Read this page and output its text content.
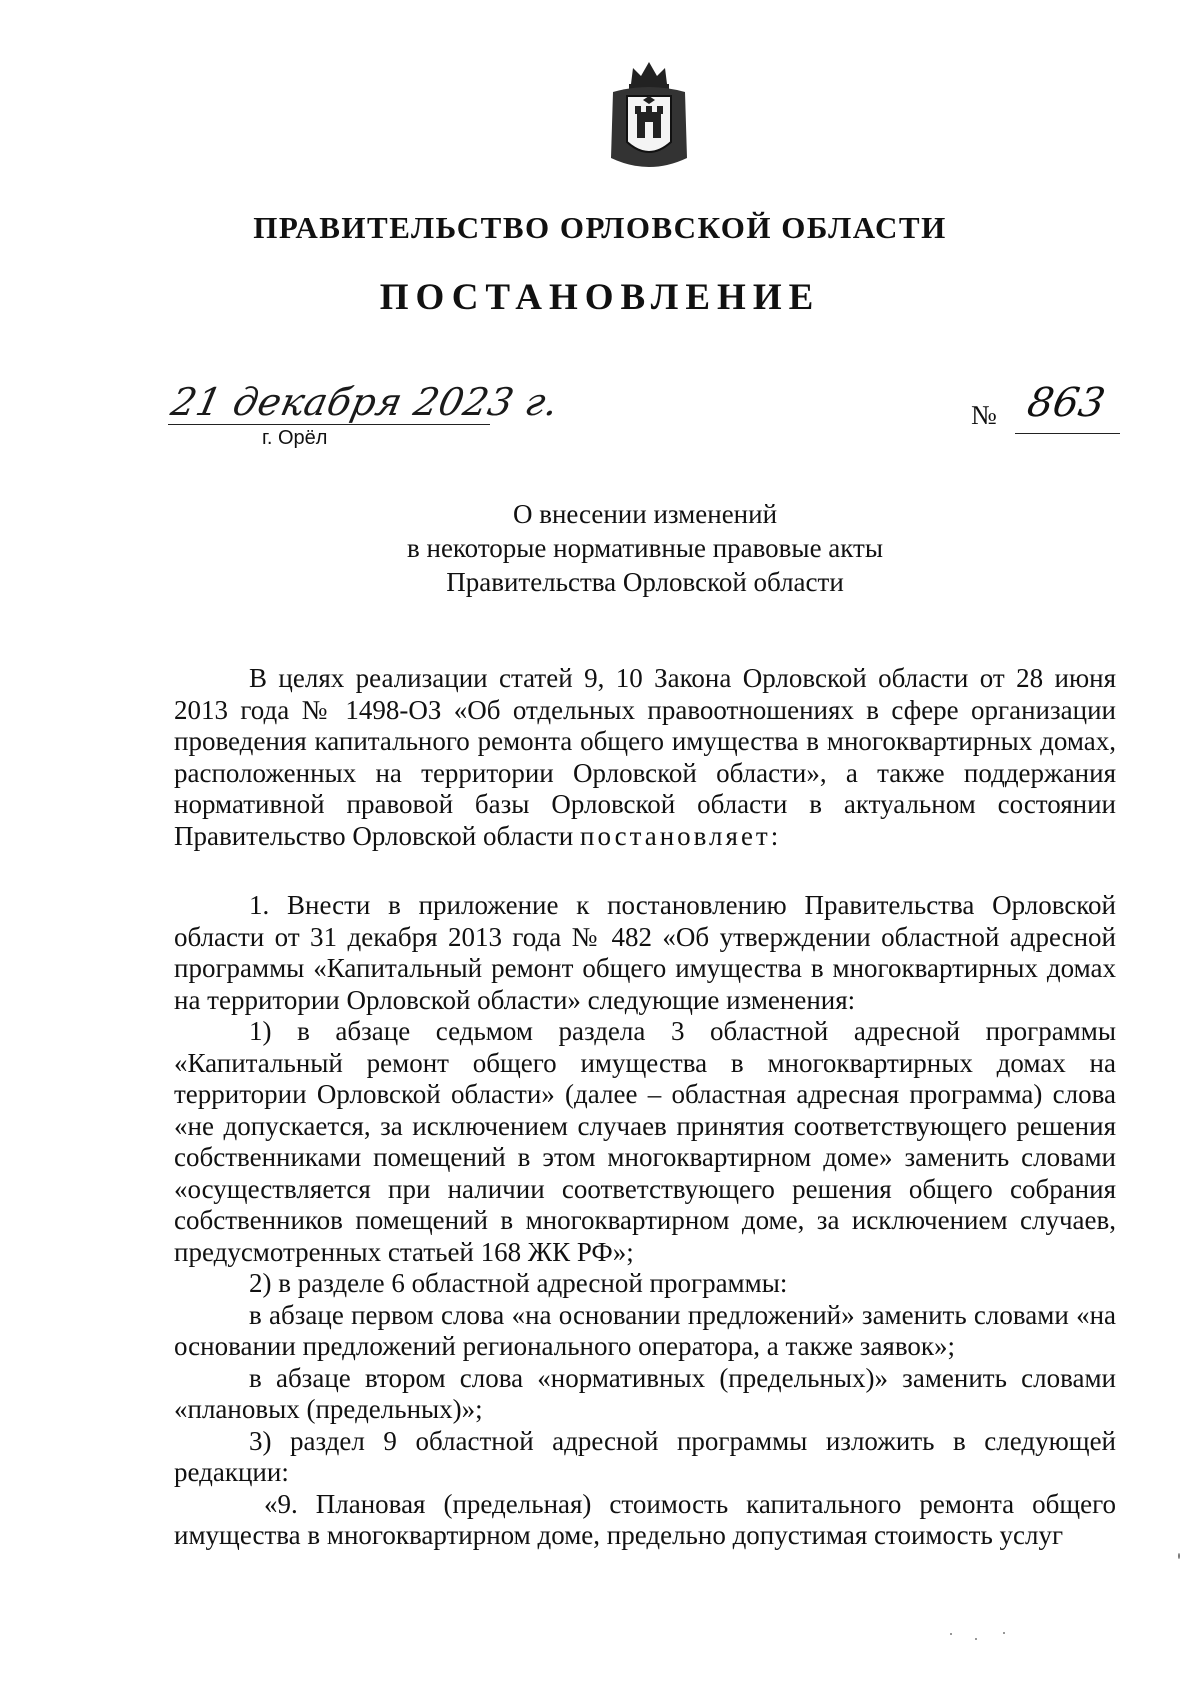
ПРАВИТЕЛЬСТВО ОРЛОВСКОЙ ОБЛАСТИ
ПОСТАНОВЛЕНИЕ
21 декабря 2023 г.
г. Орёл
№ 863
О внесении изменений
в некоторые нормативные правовые акты
Правительства Орловской области

В целях реализации статей 9, 10 Закона Орловской области от 28 июня 2013 года № 1498-ОЗ «Об отдельных правоотношениях в сфере организации проведения капитального ремонта общего имущества в многоквартирных домах, расположенных на территории Орловской области», а также поддержания нормативной правовой базы Орловской области в актуальном состоянии Правительство Орловской области постановляет:

1. Внести в приложение к постановлению Правительства Орловской области от 31 декабря 2013 года № 482 «Об утверждении областной адресной программы «Капитальный ремонт общего имущества в многоквартирных домах на территории Орловской области» следующие изменения:

1) в абзаце седьмом раздела 3 областной адресной программы «Капитальный ремонт общего имущества в многоквартирных домах на территории Орловской области» (далее – областная адресная программа) слова «не допускается, за исключением случаев принятия соответствующего решения собственниками помещений в этом многоквартирном доме» заменить словами «осуществляется при наличии соответствующего решения общего собрания собственников помещений в многоквартирном доме, за исключением случаев, предусмотренных статьей 168 ЖК РФ»;

2) в разделе 6 областной адресной программы:

в абзаце первом слова «на основании предложений» заменить словами «на основании предложений регионального оператора, а также заявок»;

в абзаце втором слова «нормативных (предельных)» заменить словами «плановых (предельных)»;

3) раздел 9 областной адресной программы изложить в следующей редакции:

«9. Плановая (предельная) стоимость капитального ремонта общего имущества в многоквартирном доме, предельно допустимая стоимость услуг
